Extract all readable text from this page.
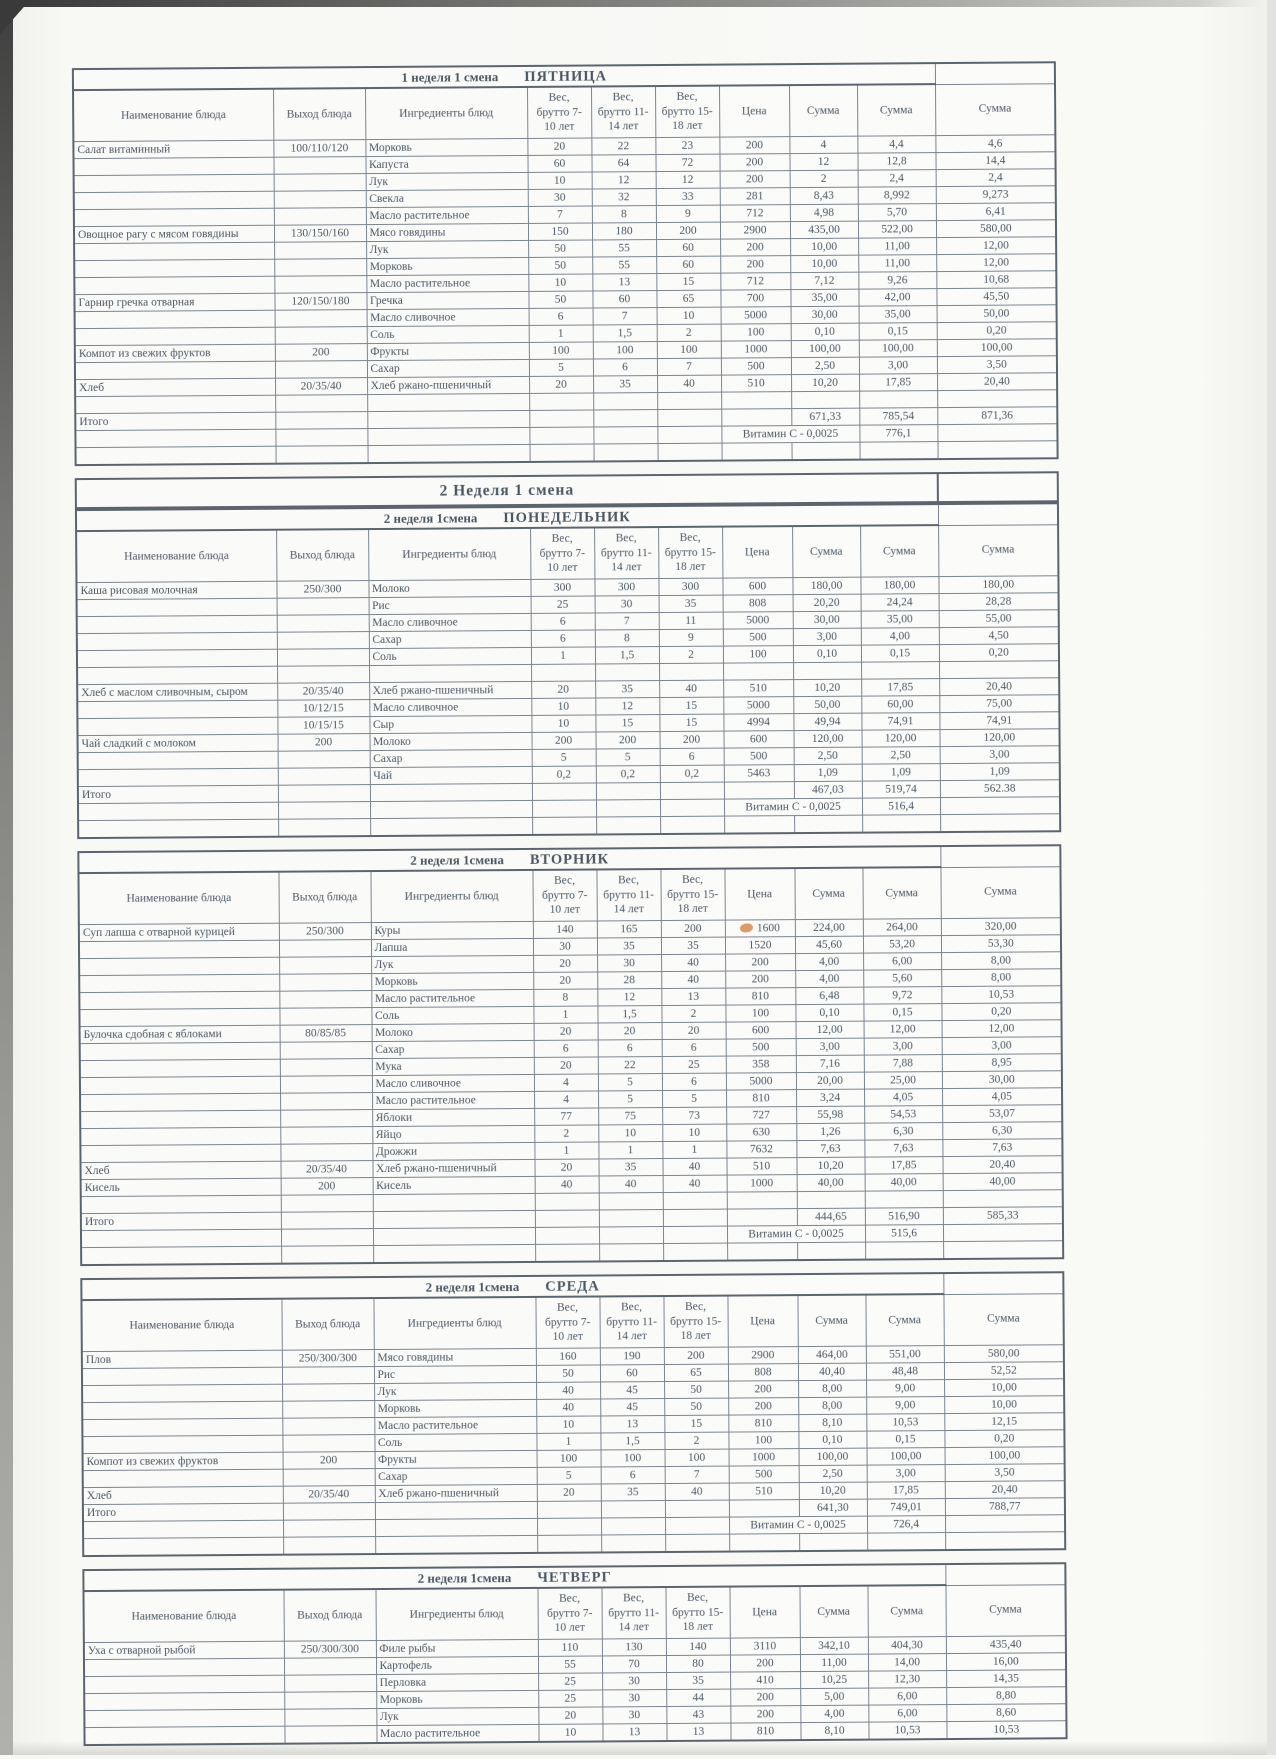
1 неделя 1 смена ПЯТНИЦА									
Наименование блюда	Выход блюда	Ингредиенты блюд	Вес,
брутто 7-
10 лет	Вес,
брутто 11-
14 лет	Вес,
брутто 15-
18 лет	Цена	Сумма	Сумма	Сумма
Салат витаминный	100/110/120	Морковь	20	22	23	200	4	4,4	4,6
		Капуста	60	64	72	200	12	12,8	14,4
		Лук	10	12	12	200	2	2,4	2,4
		Свекла	30	32	33	281	8,43	8,992	9,273
		Масло растительное	7	8	9	712	4,98	5,70	6,41
Овощное рагу с мясом говядины	130/150/160	Мясо говядины	150	180	200	2900	435,00	522,00	580,00
		Лук	50	55	60	200	10,00	11,00	12,00
		Морковь	50	55	60	200	10,00	11,00	12,00
		Масло растительное	10	13	15	712	7,12	9,26	10,68
Гарнир гречка отварная	120/150/180	Гречка	50	60	65	700	35,00	42,00	45,50
		Масло сливочное	6	7	10	5000	30,00	35,00	50,00
		Соль	1	1,5	2	100	0,10	0,15	0,20
Компот из свежих фруктов	200	Фрукты	100	100	100	1000	100,00	100,00	100,00
		Сахар	5	6	7	500	2,50	3,00	3,50
Хлеб	20/35/40	Хлеб ржано-пшеничный	20	35	40	510	10,20	17,85	20,40

Итого							671,33	785,54	871,36
						Витамин С - 0,0025		776,1	

2 Неделя 1 смена	
2 неделя 1смена ПОНЕДЕЛЬНИК									
Наименование блюда	Выход блюда	Ингредиенты блюд	Вес,
брутто 7-
10 лет	Вес,
брутто 11-
14 лет	Вес,
брутто 15-
18 лет	Цена	Сумма	Сумма	Сумма
Каша рисовая молочная	250/300	Молоко	300	300	300	600	180,00	180,00	180,00
		Рис	25	30	35	808	20,20	24,24	28,28
		Масло сливочное	6	7	11	5000	30,00	35,00	55,00
		Сахар	6	8	9	500	3,00	4,00	4,50
		Соль	1	1,5	2	100	0,10	0,15	0,20

Хлеб с маслом сливочным, сыром	20/35/40	Хлеб ржано-пшеничный	20	35	40	510	10,20	17,85	20,40
	10/12/15	Масло сливочное	10	12	15	5000	50,00	60,00	75,00
	10/15/15	Сыр	10	15	15	4994	49,94	74,91	74,91
Чай сладкий с молоком	200	Молоко	200	200	200	600	120,00	120,00	120,00
		Сахар	5	5	6	500	2,50	2,50	3,00
		Чай	0,2	0,2	0,2	5463	1,09	1,09	1,09
Итого							467,03	519,74	562.38
						Витамин С - 0,0025		516,4	

2 неделя 1смена ВТОРНИК									
Наименование блюда	Выход блюда	Ингредиенты блюд	Вес,
брутто 7-
10 лет	Вес,
брутто 11-
14 лет	Вес,
брутто 15-
18 лет	Цена	Сумма	Сумма	Сумма
Суп лапша с отварной курицей	250/300	Куры	140	165	200	1600	224,00	264,00	320,00
		Лапша	30	35	35	1520	45,60	53,20	53,30
		Лук	20	30	40	200	4,00	6,00	8,00
		Морковь	20	28	40	200	4,00	5,60	8,00
		Масло растительное	8	12	13	810	6,48	9,72	10,53
		Соль	1	1,5	2	100	0,10	0,15	0,20
Булочка сдобная с яблоками	80/85/85	Молоко	20	20	20	600	12,00	12,00	12,00
		Сахар	6	6	6	500	3,00	3,00	3,00
		Мука	20	22	25	358	7,16	7,88	8,95
		Масло сливочное	4	5	6	5000	20,00	25,00	30,00
		Масло растительное	4	5	5	810	3,24	4,05	4,05
		Яблоки	77	75	73	727	55,98	54,53	53,07
		Яйцо	2	10	10	630	1,26	6,30	6,30
		Дрожжи	1	1	1	7632	7,63	7,63	7,63
Хлеб	20/35/40	Хлеб ржано-пшеничный	20	35	40	510	10,20	17,85	20,40
Кисель	200	Кисель	40	40	40	1000	40,00	40,00	40,00

Итого							444,65	516,90	585,33
						Витамин С - 0,0025		515,6	

2 неделя 1смена СРЕДА									
Наименование блюда	Выход блюда	Ингредиенты блюд	Вес,
брутто 7-
10 лет	Вес,
брутто 11-
14 лет	Вес,
брутто 15-
18 лет	Цена	Сумма	Сумма	Сумма
Плов	250/300/300	Мясо говядины	160	190	200	2900	464,00	551,00	580,00
		Рис	50	60	65	808	40,40	48,48	52,52
		Лук	40	45	50	200	8,00	9,00	10,00
		Морковь	40	45	50	200	8,00	9,00	10,00
		Масло растительное	10	13	15	810	8,10	10,53	12,15
		Соль	1	1,5	2	100	0,10	0,15	0,20
Компот из свежих фруктов	200	Фрукты	100	100	100	1000	100,00	100,00	100,00
		Сахар	5	6	7	500	2,50	3,00	3,50
Хлеб	20/35/40	Хлеб ржано-пшеничный	20	35	40	510	10,20	17,85	20,40
Итого							641,30	749,01	788,77
						Витамин С - 0,0025		726,4	

2 неделя 1смена ЧЕТВЕРГ									
Наименование блюда	Выход блюда	Ингредиенты блюд	Вес,
брутто 7-
10 лет	Вес,
брутто 11-
14 лет	Вес,
брутто 15-
18 лет	Цена	Сумма	Сумма	Сумма
Уха с отварной рыбой	250/300/300	Филе рыбы	110	130	140	3110	342,10	404,30	435,40
		Картофель	55	70	80	200	11,00	14,00	16,00
		Перловка	25	30	35	410	10,25	12,30	14,35
		Морковь	25	30	44	200	5,00	6,00	8,80
		Лук	20	30	43	200	4,00	6,00	8,60
		Масло растительное	10	13	13	810	8,10	10,53	10,53
